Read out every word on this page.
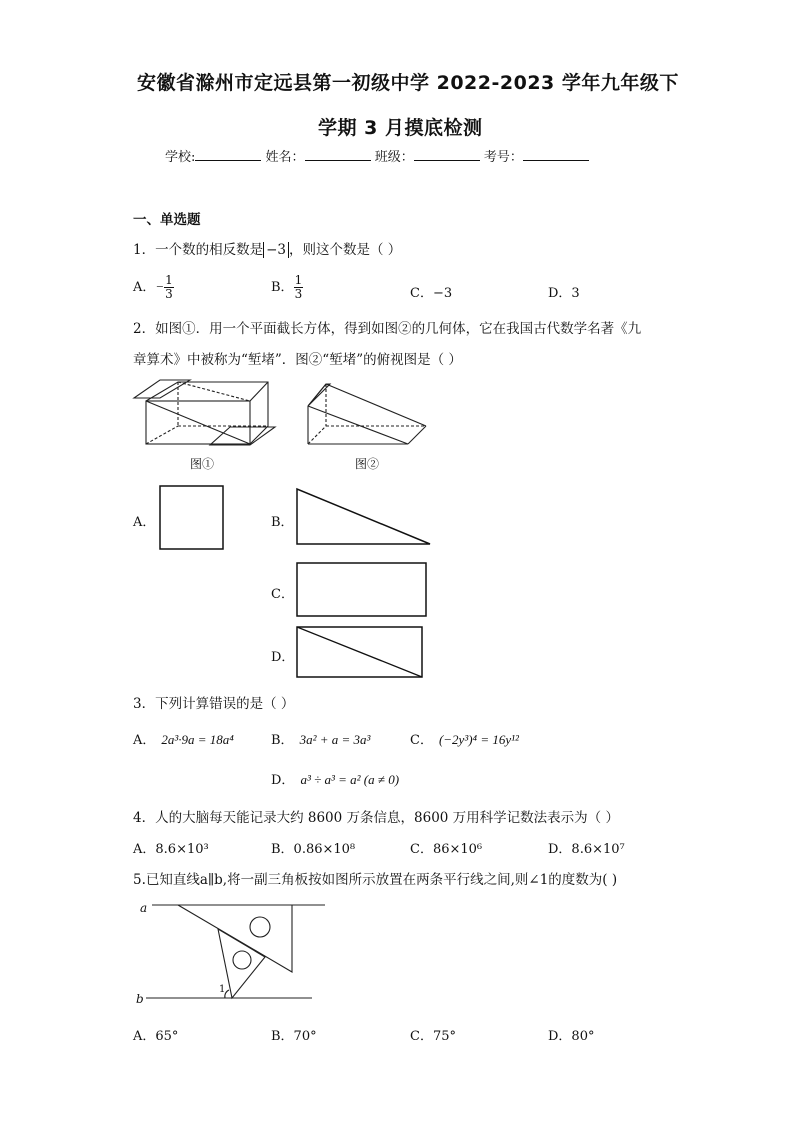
安徽省滁州市定远县第一初级中学 2022-2023 学年九年级下
学期 3 月摸底检测
学校:	姓名：	班级：	考号：
一、单选题
1．一个数的相反数是 −3 ，则这个数是（ ）
A．− $\frac{1}{3}$	B． $\frac{1}{3}$	C．−3	D．3
2．如图①．用一个平面截长方体，得到如图②的几何体，它在我国古代数学名著《九
章算术》中被称为“堑堵”．图②“堑堵”的俯视图是（ ）
图①	图②
A．	B．
C．
D．
3．下列计算错误的是（ ）
A． 2a³·9a = 18a⁴	B． 3a² + a = 3a³	C． (−2y³)⁴ = 16y¹²
D． a³ ÷ a³ = a² (a ≠ 0)
4．人的大脑每天能记录大约 8600 万条信息，8600 万用科学记数法表示为（ ）
A．8.6×10³	B．0.86×10⁸	C．86×10⁶	D．8.6×10⁷
5.已知直线a∥b,将一副三角板按如图所示放置在两条平行线之间,则∠1的度数为( )
a
b
1
A．65°	B．70°	C．75°	D．80°
